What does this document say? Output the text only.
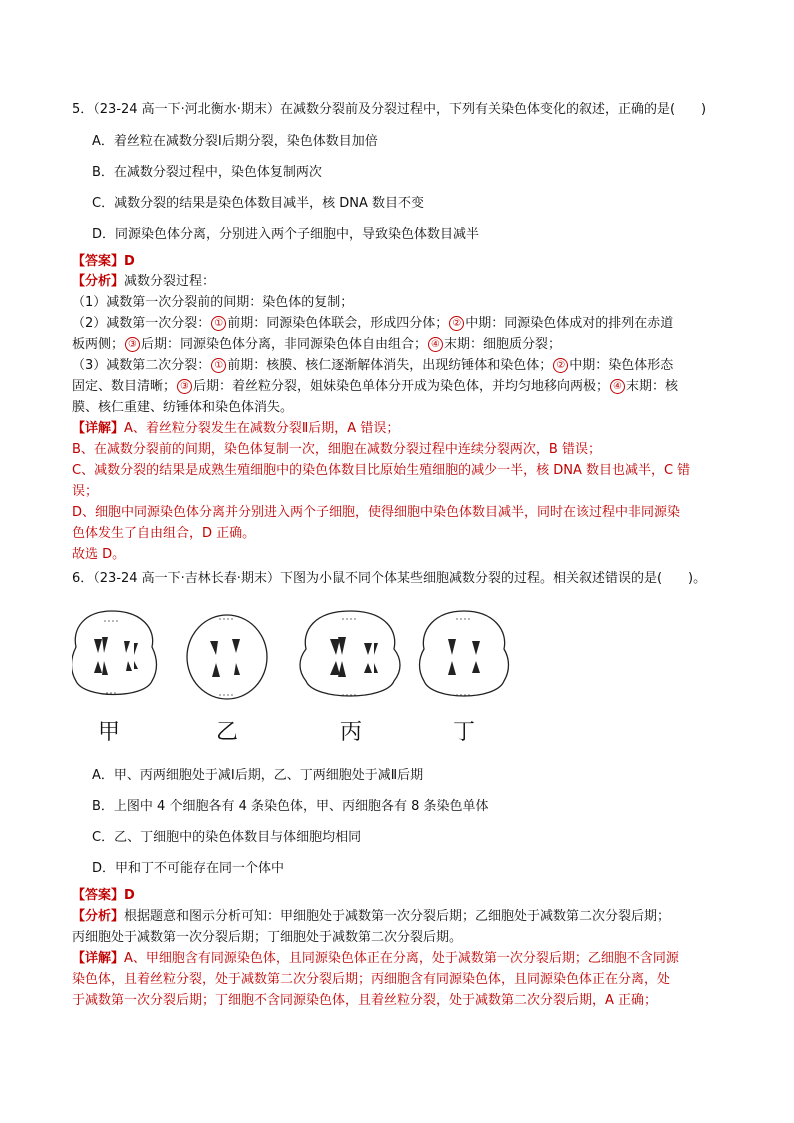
5．（23-24 高一下·河北衡水·期末）在减数分裂前及分裂过程中，下列有关染色体变化的叙述，正确的是(　　)
A．着丝粒在减数分裂Ⅰ后期分裂，染色体数目加倍
B．在减数分裂过程中，染色体复制两次
C．减数分裂的结果是染色体数目减半，核 DNA 数目不变
D．同源染色体分离，分别进入两个子细胞中，导致染色体数目减半
【答案】D
【分析】减数分裂过程：
（1）减数第一次分裂前的间期：染色体的复制；
（2）减数第一次分裂： ① 前期：同源染色体联会，形成四分体； ② 中期：同源染色体成对的排列在赤道
板两侧； ③ 后期：同源染色体分离，非同源染色体自由组合； ④ 末期：细胞质分裂；
（3）减数第二次分裂： ① 前期：核膜、核仁逐渐解体消失，出现纺锤体和染色体； ② 中期：染色体形态
固定、数目清晰； ③ 后期：着丝粒分裂，姐妹染色单体分开成为染色体，并均匀地移向两极； ④ 末期：核
膜、核仁重建、纺锤体和染色体消失。
【详解】A、着丝粒分裂发生在减数分裂Ⅱ后期，A 错误；
B、在减数分裂前的间期，染色体复制一次，细胞在减数分裂过程中连续分裂两次，B 错误；
C、减数分裂的结果是成熟生殖细胞中的染色体数目比原始生殖细胞的减少一半，核 DNA 数目也减半，C 错
误；
D、细胞中同源染色体分离并分别进入两个子细胞，使得细胞中染色体数目减半，同时在该过程中非同源染
色体发生了自由组合，D 正确。
故选 D。
6．（23-24 高一下·吉林长春·期末）下图为小鼠不同个体某些细胞减数分裂的过程。相关叙述错误的是(　　)。
甲	乙	丙	丁
A．甲、丙两细胞处于减Ⅰ后期，乙、丁两细胞处于减Ⅱ后期
B．上图中 4 个细胞各有 4 条染色体，甲、丙细胞各有 8 条染色单体
C．乙、丁细胞中的染色体数目与体细胞均相同
D．甲和丁不可能存在同一个体中
【答案】D
【分析】根据题意和图示分析可知：甲细胞处于减数第一次分裂后期；乙细胞处于减数第二次分裂后期；
丙细胞处于减数第一次分裂后期；丁细胞处于减数第二次分裂后期。
【详解】A、甲细胞含有同源染色体，且同源染色体正在分离，处于减数第一次分裂后期；乙细胞不含同源
染色体，且着丝粒分裂，处于减数第二次分裂后期；丙细胞含有同源染色体，且同源染色体正在分离，处
于减数第一次分裂后期；丁细胞不含同源染色体，且着丝粒分裂，处于减数第二次分裂后期，A 正确；
